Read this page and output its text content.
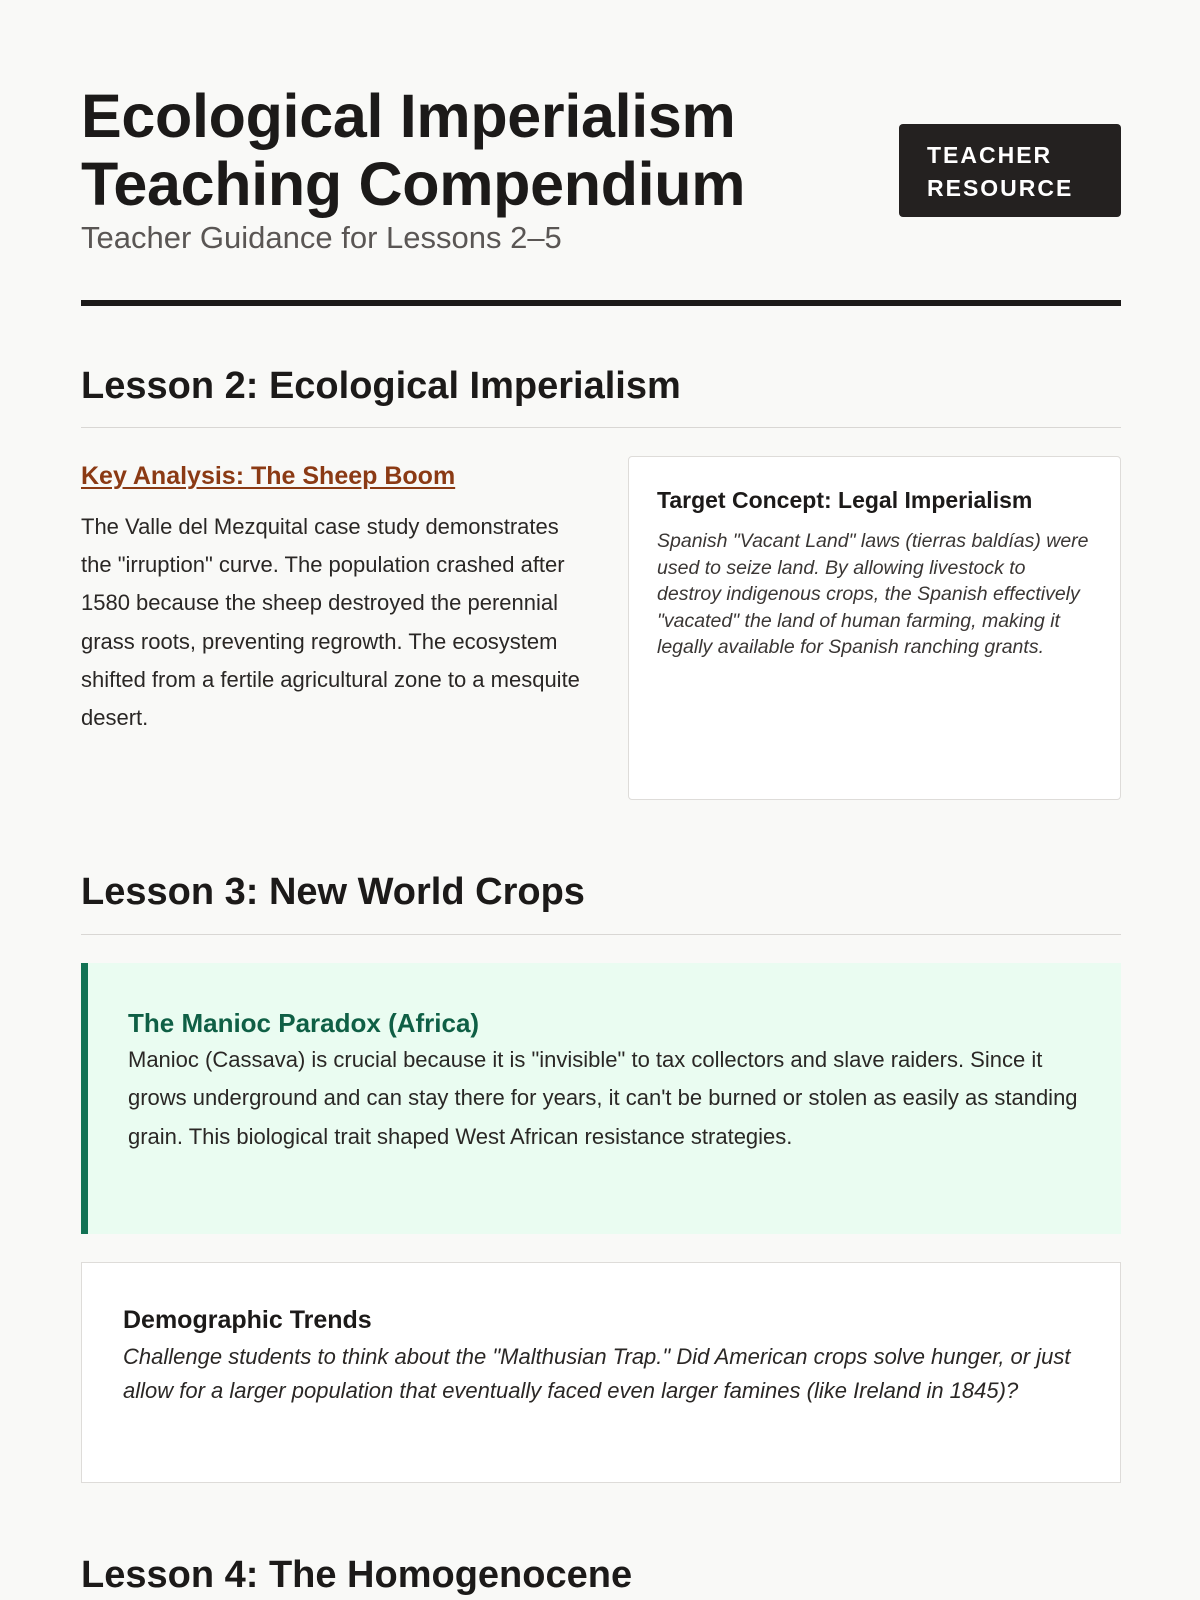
Ecological Imperialism
Teaching Compendium

Teacher Guidance for Lessons 2–5

TEACHER
RESOURCE
Lesson 2: Ecological Imperialism
Key Analysis: The Sheep Boom

The Valle del Mezquital case study demonstrates the "irruption" curve. The population crashed after 1580 because the sheep destroyed the perennial grass roots, preventing regrowth. The ecosystem shifted from a fertile agricultural zone to a mesquite desert.

Target Concept: Legal Imperialism

Spanish "Vacant Land" laws (tierras baldías) were used to seize land. By allowing livestock to destroy indigenous crops, the Spanish effectively "vacated" the land of human farming, making it legally available for Spanish ranching grants.

Lesson 3: New World Crops
The Manioc Paradox (Africa)

Manioc (Cassava) is crucial because it is "invisible" to tax collectors and slave raiders. Since it grows underground and can stay there for years, it can't be burned or stolen as easily as standing grain. This biological trait shaped West African resistance strategies.

Demographic Trends

Challenge students to think about the "Malthusian Trap." Did American crops solve hunger, or just allow for a larger population that eventually faced even larger famines (like Ireland in 1845)?

Lesson 4: The Homogenocene
